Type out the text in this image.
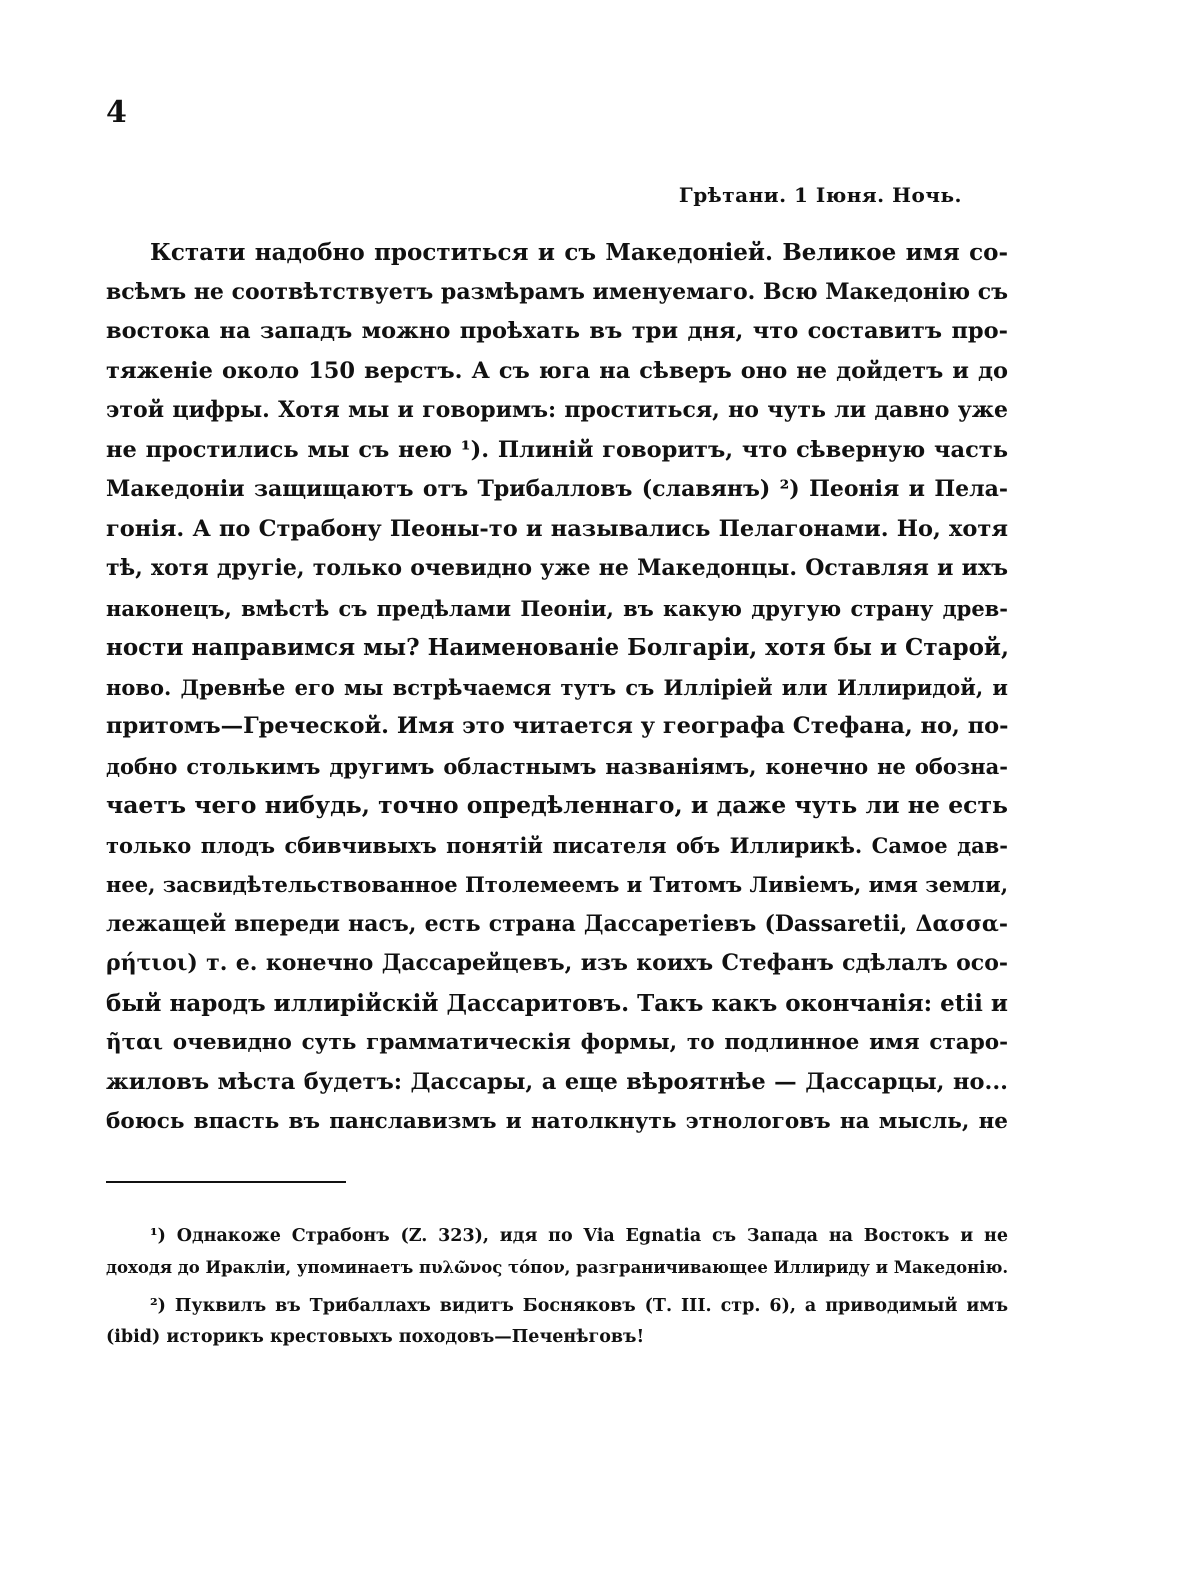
4
Грѣтани. 1 Іюня. Ночь.
Кстати надобно проститься и съ Македоніей. Великое имя со-
всѣмъ не соотвѣтствуетъ размѣрамъ именуемаго. Всю Македонію съ
востока на западъ можно проѣхать въ три дня, что составитъ про-
тяженіе около 150 верстъ. А съ юга на сѣверъ оно не дойдетъ и до
этой цифры. Хотя мы и говоримъ: проститься, но чуть ли давно уже
не простились мы съ нею ¹). Плиній говоритъ, что сѣверную часть
Македоніи защищаютъ отъ Трибалловъ (славянъ) ²) Пеонія и Пела-
гонія. А по Страбону Пеоны-то и назывались Пелагонами. Но, хотя
тѣ, хотя другіе, только очевидно уже не Македонцы. Оставляя и ихъ
наконецъ, вмѣстѣ съ предѣлами Пеоніи, въ какую другую страну древ-
ности направимся мы? Наименованіе Болгаріи, хотя бы и Старой,
ново. Древнѣе его мы встрѣчаемся тутъ съ Илліріей или Иллиридой, и
притомъ—Греческой. Имя это читается у географа Стефана, но, по-
добно столькимъ другимъ областнымъ названіямъ, конечно не обозна-
чаетъ чего нибудь, точно опредѣленнаго, и даже чуть ли не есть
только плодъ сбивчивыхъ понятій писателя объ Иллирикѣ. Самое дав-
нее, засвидѣтельствованное Птолемеемъ и Титомъ Ливіемъ, имя земли,
лежащей впереди насъ, есть страна Дассаретіевъ (Dassaretii, Δασσα-
ρήτιοι) т. е. конечно Дассарейцевъ, изъ коихъ Стефанъ сдѣлалъ осо-
бый народъ иллирійскій Дассаритовъ. Такъ какъ окончанія: etii и
ῆται очевидно суть грамматическія формы, то подлинное имя старо-
жиловъ мѣста будетъ: Дассары, а еще вѣроятнѣе — Дассарцы, но...
боюсь впасть въ панславизмъ и натолкнуть этнологовъ на мысль, не
¹) Однакоже Страбонъ (Z. 323), идя по Via Egnatia съ Запада на Востокъ и не
доходя до Иракліи, упоминаетъ πυλῶνος τόπον, разграничивающее Иллириду и Македонію.
²) Пуквилъ въ Трибаллахъ видитъ Босняковъ (Т. III. стр. 6), а приводимый имъ
(ibid) историкъ крестовыхъ походовъ—Печенѣговъ!
